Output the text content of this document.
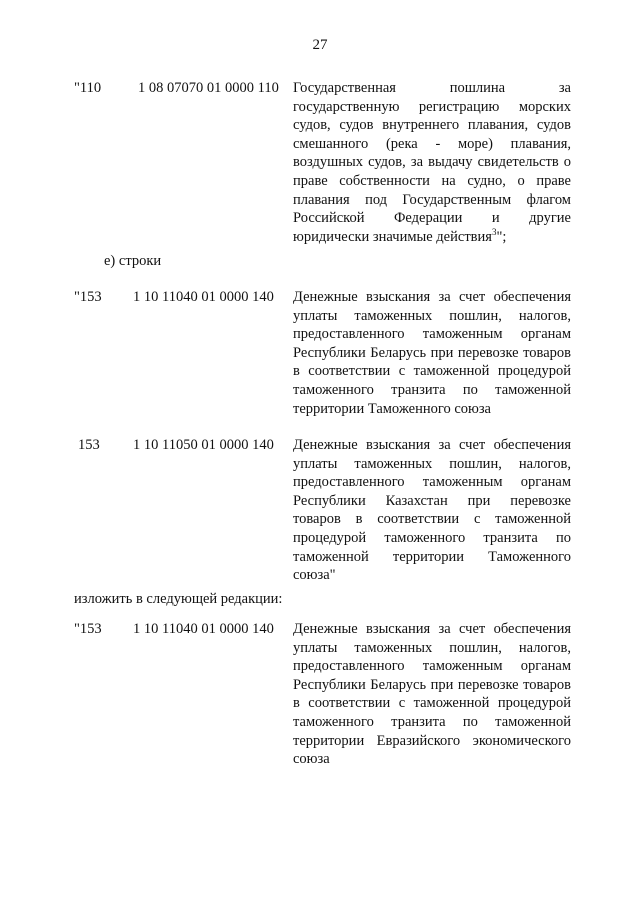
27
"110	1 08 07070 01 0000 110 Государственная пошлина за государственную регистрацию морских судов, судов внутреннего плавания, судов смешанного (река - море) плавания, воздушных судов, за выдачу свидетельств о праве собственности на судно, о праве плавания под Государственным флагом Российской Федерации и другие юридически значимые действия$^3$";
е) строки
"153 1 10 11040 01 0000 140 Денежные взыскания за счет обеспечения уплаты таможенных пошлин, налогов, предоставленного таможенным органам Республики Беларусь при перевозке товаров в соответствии с таможенной процедурой таможенного транзита по таможенной территории Таможенного союза
153 1 10 11050 01 0000 140 Денежные взыскания за счет обеспечения уплаты таможенных пошлин, налогов, предоставленного таможенным органам Республики Казахстан при перевозке товаров в соответствии с таможенной процедурой таможенного транзита по таможенной территории Таможенного союза"
изложить в следующей редакции:
"153 1 10 11040 01 0000 140 Денежные взыскания за счет обеспечения уплаты таможенных пошлин, налогов, предоставленного таможенным органам Республики Беларусь при перевозке товаров в соответствии с таможенной процедурой таможенного транзита по таможенной территории Евразийского экономического союза
